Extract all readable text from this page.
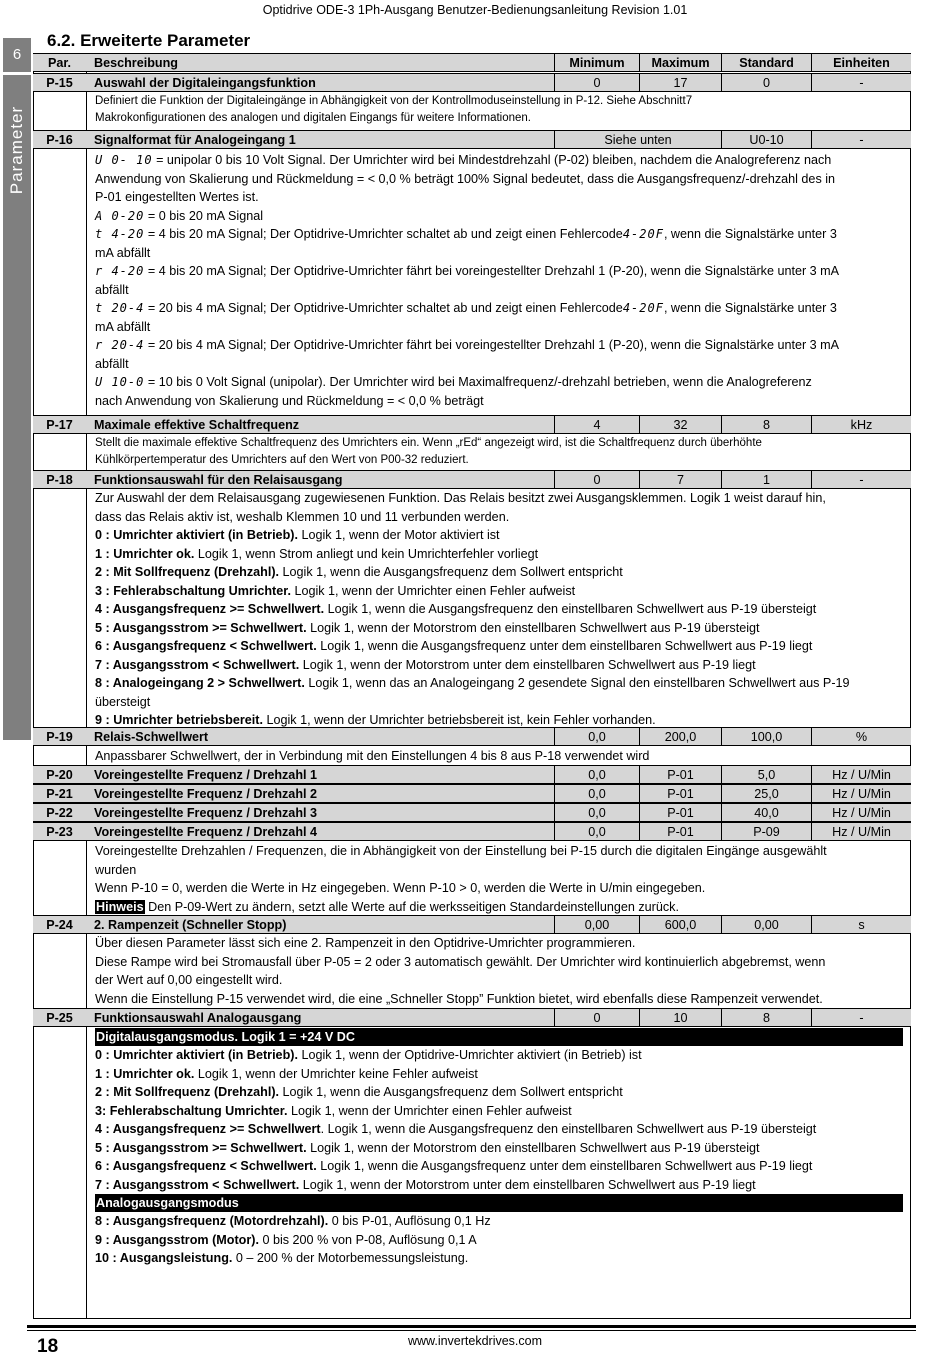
Optidrive ODE-3 1Ph-Ausgang Benutzer-Bedienungsanleitung Revision 1.01
6
Parameter
6.2. Erweiterte Parameter
Par.	Beschreibung	Minimum	Maximum	Standard	Einheiten
P-15	Auswahl der Digitaleingangsfunktion	0	17	0	-
Definiert die Funktion der Digitaleingänge in Abhängigkeit von der Kontrollmoduseinstellung in P-12. Siehe Abschnitt7
Makrokonfigurationen des analogen und digitalen Eingangs für weitere Informationen.
P-16	Signalformat für Analogeingang 1	Siehe unten	U0-10	-
U 0- 10 = unipolar 0 bis 10 Volt Signal. Der Umrichter wird bei Mindestdrehzahl (P-02) bleiben, nachdem die Analogreferenz nach
Anwendung von Skalierung und Rückmeldung = < 0,0 % beträgt 100% Signal bedeutet, dass die Ausgangsfrequenz/-drehzahl des in
P-01 eingestellten Wertes ist.
A 0-20 = 0 bis 20 mA Signal
t 4-20 = 4 bis 20 mA Signal; Der Optidrive-Umrichter schaltet ab und zeigt einen Fehlercode4-20F, wenn die Signalstärke unter 3
mA abfällt
r 4-20 = 4 bis 20 mA Signal; Der Optidrive-Umrichter fährt bei voreingestellter Drehzahl 1 (P-20), wenn die Signalstärke unter 3 mA
abfällt
t 20-4 = 20 bis 4 mA Signal; Der Optidrive-Umrichter schaltet ab und zeigt einen Fehlercode4-20F, wenn die Signalstärke unter 3
mA abfällt
r 20-4 = 20 bis 4 mA Signal; Der Optidrive-Umrichter fährt bei voreingestellter Drehzahl 1 (P-20), wenn die Signalstärke unter 3 mA
abfällt
U 10-0 = 10 bis 0 Volt Signal (unipolar). Der Umrichter wird bei Maximalfrequenz/-drehzahl betrieben, wenn die Analogreferenz
nach Anwendung von Skalierung und Rückmeldung = < 0,0 % beträgt
P-17	Maximale effektive Schaltfrequenz	4	32	8	kHz
Stellt die maximale effektive Schaltfrequenz des Umrichters ein. Wenn „rEd“ angezeigt wird, ist die Schaltfrequenz durch überhöhte
Kühlkörpertemperatur des Umrichters auf den Wert von P00-32 reduziert.
P-18	Funktionsauswahl für den Relaisausgang	0	7	1	-
Zur Auswahl der dem Relaisausgang zugewiesenen Funktion. Das Relais besitzt zwei Ausgangsklemmen. Logik 1 weist darauf hin,
dass das Relais aktiv ist, weshalb Klemmen 10 und 11 verbunden werden.
0 : Umrichter aktiviert (in Betrieb). Logik 1, wenn der Motor aktiviert ist
1 : Umrichter ok. Logik 1, wenn Strom anliegt und kein Umrichterfehler vorliegt
2 : Mit Sollfrequenz (Drehzahl). Logik 1, wenn die Ausgangsfrequenz dem Sollwert entspricht
3 : Fehlerabschaltung Umrichter. Logik 1, wenn der Umrichter einen Fehler aufweist
4 : Ausgangsfrequenz >= Schwellwert. Logik 1, wenn die Ausgangsfrequenz den einstellbaren Schwellwert aus P-19 übersteigt
5 : Ausgangsstrom >= Schwellwert. Logik 1, wenn der Motorstrom den einstellbaren Schwellwert aus P-19 übersteigt
6 : Ausgangsfrequenz < Schwellwert. Logik 1, wenn die Ausgangsfrequenz unter dem einstellbaren Schwellwert aus P-19 liegt
7 : Ausgangsstrom < Schwellwert. Logik 1, wenn der Motorstrom unter dem einstellbaren Schwellwert aus P-19 liegt
8 : Analogeingang 2 > Schwellwert. Logik 1, wenn das an Analogeingang 2 gesendete Signal den einstellbaren Schwellwert aus P-19
übersteigt
9 : Umrichter betriebsbereit. Logik 1, wenn der Umrichter betriebsbereit ist, kein Fehler vorhanden.
P-19	Relais-Schwellwert	0,0	200,0	100,0	%
Anpassbarer Schwellwert, der in Verbindung mit den Einstellungen 4 bis 8 aus P-18 verwendet wird
P-20	Voreingestellte Frequenz / Drehzahl 1	0,0	P-01	5,0	Hz / U/Min
P-21	Voreingestellte Frequenz / Drehzahl 2	0,0	P-01	25,0	Hz / U/Min
P-22	Voreingestellte Frequenz / Drehzahl 3	0,0	P-01	40,0	Hz / U/Min
P-23	Voreingestellte Frequenz / Drehzahl 4	0,0	P-01	P-09	Hz / U/Min
Voreingestellte Drehzahlen / Frequenzen, die in Abhängigkeit von der Einstellung bei P-15 durch die digitalen Eingänge ausgewählt
wurden
Wenn P-10 = 0, werden die Werte in Hz eingegeben. Wenn P-10 > 0, werden die Werte in U/min eingegeben.
Hinweis Den P-09-Wert zu ändern, setzt alle Werte auf die werksseitigen Standardeinstellungen zurück.
P-24	2. Rampenzeit (Schneller Stopp)	0,00	600,0	0,00	s
Über diesen Parameter lässt sich eine 2. Rampenzeit in den Optidrive-Umrichter programmieren.
Diese Rampe wird bei Stromausfall über P-05 = 2 oder 3 automatisch gewählt. Der Umrichter wird kontinuierlich abgebremst, wenn
der Wert auf 0,00 eingestellt wird.
Wenn die Einstellung P-15 verwendet wird, die eine „Schneller Stopp” Funktion bietet, wird ebenfalls diese Rampenzeit verwendet.
P-25	Funktionsauswahl Analogausgang	0	10	8	-
Digitalausgangsmodus. Logik 1 = +24 V DC
0 : Umrichter aktiviert (in Betrieb). Logik 1, wenn der Optidrive-Umrichter aktiviert (in Betrieb) ist
1 : Umrichter ok. Logik 1, wenn der Umrichter keine Fehler aufweist
2 : Mit Sollfrequenz (Drehzahl). Logik 1, wenn die Ausgangsfrequenz dem Sollwert entspricht
3: Fehlerabschaltung Umrichter. Logik 1, wenn der Umrichter einen Fehler aufweist
4 : Ausgangsfrequenz >= Schwellwert. Logik 1, wenn die Ausgangsfrequenz den einstellbaren Schwellwert aus P-19 übersteigt
5 : Ausgangsstrom >= Schwellwert. Logik 1, wenn der Motorstrom den einstellbaren Schwellwert aus P-19 übersteigt
6 : Ausgangsfrequenz < Schwellwert. Logik 1, wenn die Ausgangsfrequenz unter dem einstellbaren Schwellwert aus P-19 liegt
7 : Ausgangsstrom < Schwellwert. Logik 1, wenn der Motorstrom unter dem einstellbaren Schwellwert aus P-19 liegt
Analogausgangsmodus
8 : Ausgangsfrequenz (Motordrehzahl). 0 bis P-01, Auflösung 0,1 Hz
9 : Ausgangsstrom (Motor). 0 bis 200 % von P-08, Auflösung 0,1 A
10 : Ausgangsleistung. 0 – 200 % der Motorbemessungsleistung.
18	www.invertekdrives.com
